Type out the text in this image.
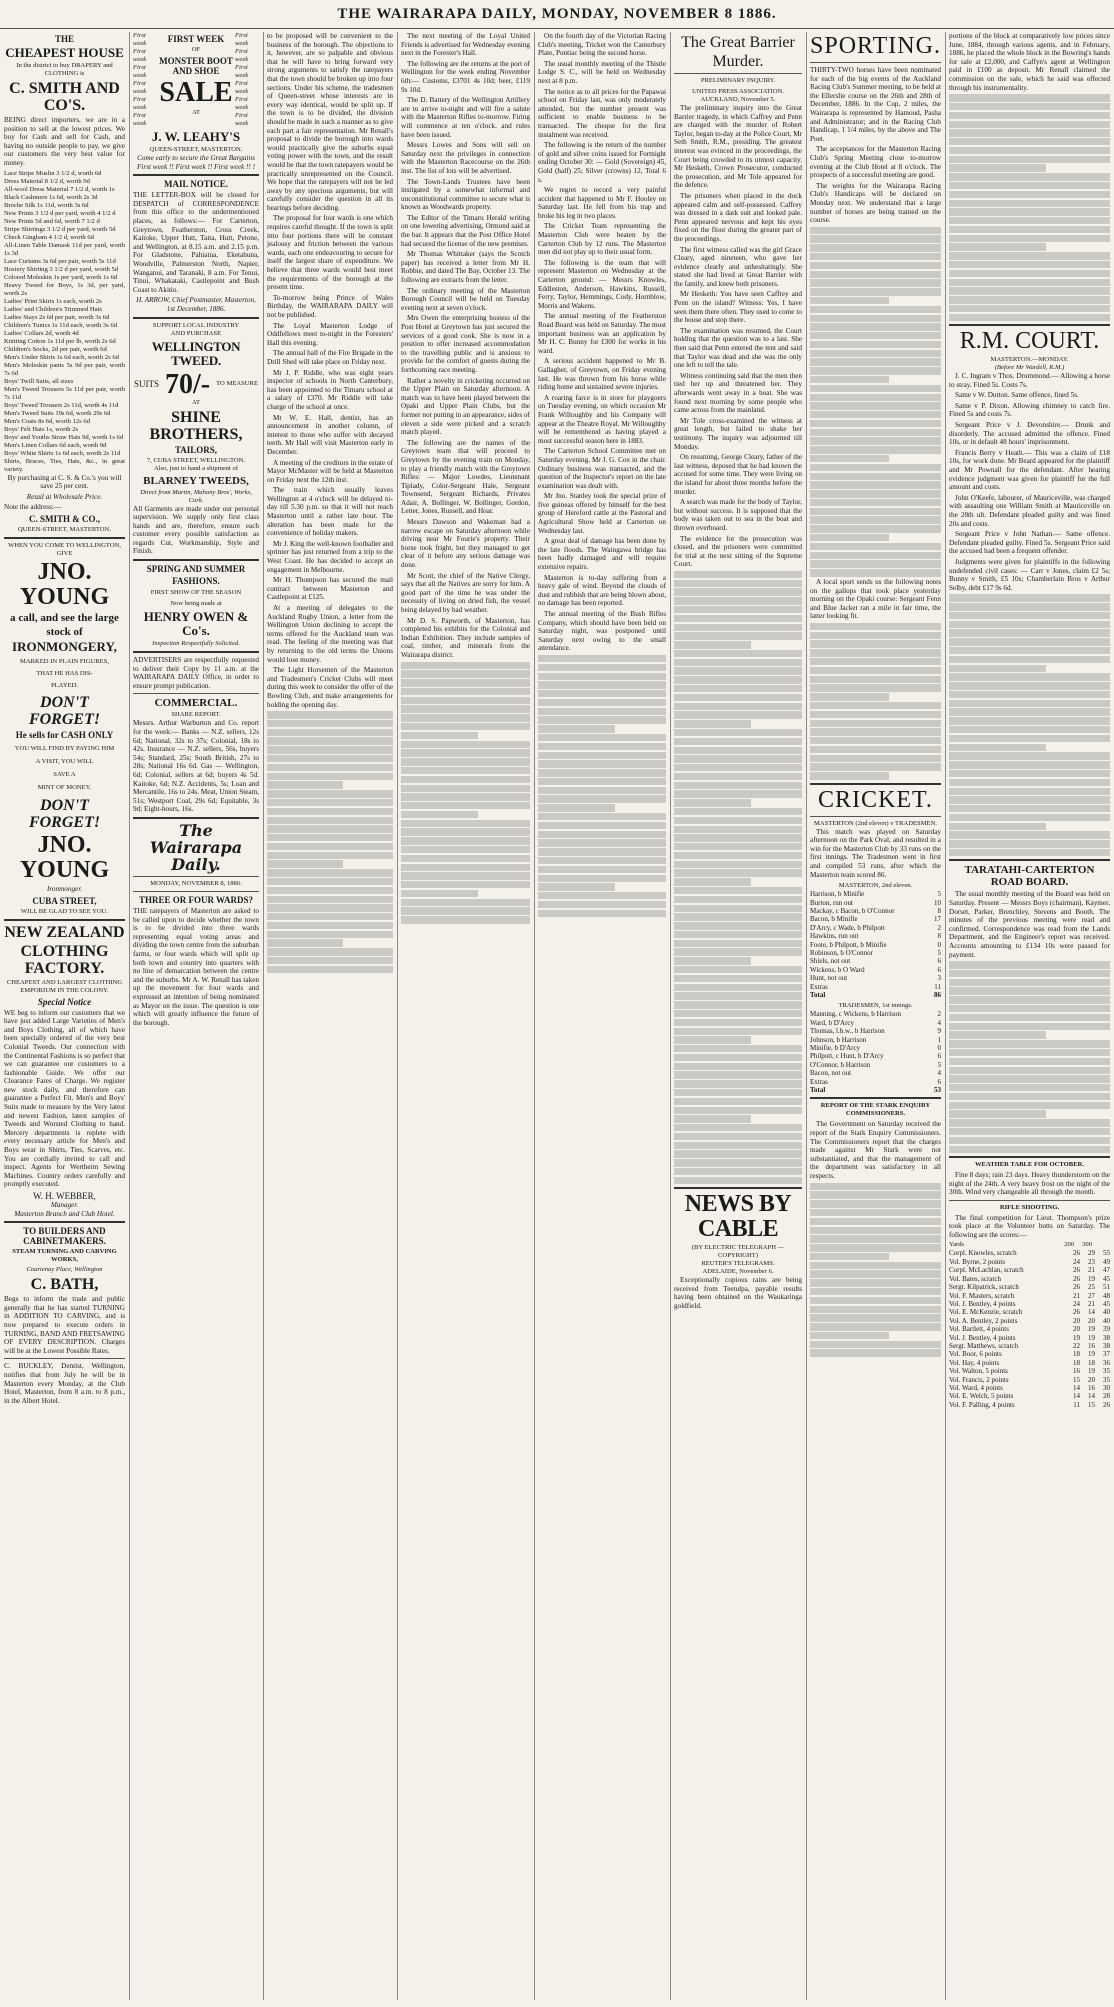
THE WAIRARAPA DAILY, MONDAY, NOVEMBER 8 1886.
THE
CHEAPEST HOUSE
In the district to buy DRAPERY and CLOTHING is
C. SMITH AND CO'S.

BEING direct importers, we are in a position to sell at the lowest prices. We buy for Cash and sell for Cash, and having no outside people to pay, we give our customers the very best value for money.

Lace Stripe Muslin 3 1/2 d, worth 6d
Dress Material 8 1/2 d, worth 9d
All-wool Dress Material 7 1/2 d, worth 1s
Black Cashmere 1s 6d, worth 2s 3d
Broche Silk 1s 11d, worth 3s 6d
New Prints 3 1/2 d per yard, worth 4 1/2 d
New Prints 5d and 6d, worth 7 1/2 d
Stripe Shirtings 3 1/2 d per yard, worth 5d
Check Gingham 4 1/2 d, worth 6d
All-Linen Table Damask 11d per yard, worth 1s 3d
Lace Curtains 3s 6d per pair, worth 5s 11d
Hosiery Shirting 3 1/2 d per yard, worth 5d
Colored Moleskin 1s per yard, worth 1s 6d
Heavy Tweed for Boys, 1s 3d, per yard, worth 2s
Ladies' Print Skirts 1s each, worth 2s
Ladies' and Children's Trimmed Hats
Ladies Stays 2s 6d per pair, worth 3s 6d
Children's Tunics 1s 11d each, worth 3s 6d
Ladies' Collars 2d, worth 4d
Knitting Cotton 1s 11d per lb, worth 2s 6d
Children's Socks, 2d per pair, worth 6d
Men's Under Shirts 1s 6d each, worth 2s 6d
Men's Moleskin pants 5s 9d per pair, worth 7s 6d
Boys' Twill Suits, all sizes
Men's Tweed Trousers 5s 11d per pair, worth 7s 11d
Boys' Tweed Trousers 2s 11d, worth 4s 11d
Men's Tweed Suits 19s 6d, worth 29s 6d
Men's Coats 8s 6d, worth 12s 6d
Boys' Felt Hats 1s, worth 2s
Boys' and Youths Straw Hats 9d, worth 1s 6d
Men's Linen Collars 6d each, worth 9d
Boys' White Shirts 1s 6d each, worth 2s 11d
Shirts, Braces, Ties, Hats, &c., in great variety.

By purchasing at C. S. & Co.'s you will save 25 per cent.

Retail at Wholesale Price.

Note the address:—

C. SMITH & CO.,
QUEEN-STREET, MASTERTON.
WHEN YOU COME TO WELLINGTON, GIVE
JNO. YOUNG
a call, and see the large
stock of
IRONMONGERY,
MARKED IN PLAIN FIGURES,
THAT HE HAS DIS-
PLAYED.
DON'T FORGET!
He sells for CASH ONLY
YOU WILL FIND BY PAYING HIM
A VISIT, YOU WILL
SAVE A
MINT OF MONEY.
DON'T FORGET!
JNO. YOUNG
Ironmonger.
CUBA STREET,
WILL BE GLAD TO SEE YOU.
NEW ZEALAND
CLOTHING FACTORY.
CHEAPEST AND LARGEST CLOTHING EMPORIUM IN THE COLONY.
Special Notice

WE beg to inform our customers that we have just added Large Varieties of Men's and Boys Clothing, all of which have been specially ordered of the very best Colonial Tweeds. Our connection with the Continental Fashions is so perfect that we can guarantee our customers to a fashionable Guide. We offer our Clearance Fares of Charge. We register new stock daily, and therefore can guarantee a Perfect Fit. Men's and Boys' Suits made to measure by the Very latest and newest Fashion, latest samples of Tweeds and Worsted Clothing to hand. Mercery departments is replete with every necessary article for Men's and Boys wear in Shirts, Ties, Scarves, etc. You are cordially invited to call and inspect. Agents for Wertheim Sewing Machines. Country orders carefully and promptly executed.

W. H. WEBBER,
Manager.
Masterton Branch and Club Hotel.
TO BUILDERS AND CABINETMAKERS.
STEAM TURNING AND CARVING WORKS,
Courtenay Place, Wellington
C. BATH,

Begs to inform the trade and public generally that he has started TURNING in ADDITION TO CARVING, and is now prepared to execute orders in TURNING, BAND AND FRETSAWING OF EVERY DESCRIPTION. Charges will be at the Lowest Possible Rates.

C. BUCKLEY, Dentist, Wellington, notifies that from July he will be in Masterton every Monday, at the Club Hotel, Masterton, from 8 a.m. to 8 p.m., in the Albert Hotel.

First week
First week
First week
First week
First week
First week
FIRST WEEK
OF
MONSTER BOOT AND SHOE
SALE
AT
First week
First week
First week
First week
First week
First week
J. W. LEAHY'S
QUEEN-STREET, MASTERTON.

Come early to secure the Great Bargains First week !! First week !! First week !! !

MAIL NOTICE.

THE LETTER-BOX will be closed for DESPATCH of CORRESPONDENCE from this office to the undermentioned places, as follows:— For Carterton, Greytown, Featherston, Cross Creek, Kaitoke, Upper Hutt, Taita, Hutt, Petone, and Wellington, at 8.15 a.m. and 2.15 p.m. For Gladstone, Pahiatua, Eketahuna, Woodville, Palmerston North, Napier, Wanganui, and Taranaki, 8 a.m. For Tenui, Tinui, Whakataki, Castlepoint and Bush Coast to Akitio.

H. ARROW, Chief Postmaster, Masterton, 1st December, 1886.

SUPPORT LOCAL INDUSTRY
AND PURCHASE
WELLINGTON TWEED.
SUITS 70/- TO MEASURE
AT
SHINE BROTHERS,
TAILORS,
7, CUBA STREET, WELLINGTON.
Also, just to hand a shipment of
BLARNEY TWEEDS,
Direct from Martin, Mahony Bros', Works, Cork.

All Garments are made under our personal supervision. We supply only first class hands and are, therefore, ensure each customer every possible satisfaction as regards Cut, Workmanship, Style and Finish.

SPRING AND SUMMER
FASHIONS.
FIRST SHOW OF THE SEASON
Now being made at
HENRY OWEN & Co's.
Inspection Respectfully Solicited.

ADVERTISERS are respectfully requested to deliver their Copy by 11 a.m. at the WAIRARAPA DAILY Office, in order to ensure prompt publication.

COMMERCIAL.
SHARE REPORT.

Messrs. Arthur Warburton and Co. report for the week:— Banks — N.Z. sellers, 12s 6d; National, 32s to 37s; Colonial, 18s to 42s. Insurance — N.Z. sellers, 56s, buyers 54s; Standard, 25s; South British, 27s to 28s; National 16s 6d. Gas — Wellington, 6d; Colonial, sellers at 6d; buyers 4s 5d. Kaitoke, 6d; N.Z. Accidents, 5s; Loan and Mercantile, 16s to 24s. Meat, Union Steam, 51s; Westport Coal, 29s 6d; Equitable, 3s 9d; Eight-hours, 16s.

The Wairarapa Daily.
MONDAY, NOVEMBER 8, 1886.
THREE OR FOUR WARDS?

THE ratepayers of Masterton are asked to be called upon to decide whether the town is to be divided into three wards representing equal voting areas and dividing the town centre from the suburban farms, or four wards which will split up both town and country into quarters with no line of demarcation between the centre and the suburbs. Mr A. W. Renall has taken up the movement for four wards and expressed an intention of being nominated as Mayor on the issue. The question is one which will greatly influence the future of the borough.

to be proposed will be convenient to the business of the borough. The objections to it, however, are so palpable and obvious that he will have to bring forward very strong arguments to satisfy the ratepayers that the town should be broken up into four sections. Under his scheme, the tradesmen of Queen-street whose interests are in every way identical, would be split up. If the town is to be divided, the division should be made in such a manner as to give each part a fair representation. Mr Renall's proposal to divide the borough into wards would practically give the suburbs equal voting power with the town, and the result would be that the town ratepayers would be practically unrepresented on the Council. We hope that the ratepayers will not be led away by any specious arguments, but will carefully consider the question in all its bearings before deciding.

The proposal for four wards is one which requires careful thought. If the town is split into four portions there will be constant jealousy and friction between the various wards, each one endeavouring to secure for itself the largest share of expenditure. We believe that three wards would best meet the requirements of the borough at the present time.

To-morrow being Prince of Wales Birthday, the WAIRARAPA DAILY will not be published.

The Loyal Masterton Lodge of Oddfellows meet to-night in the Foresters' Hall this evening.

The annual ball of the Fire Brigade in the Drill Shed will take place on Friday next.

Mr J. P. Riddle, who was eight years inspector of schools in North Canterbury, has been appointed to the Timaru school at a salary of £370. Mr Riddle will take charge of the school at once.

Mr W. E. Hall, dentist, has an announcement in another column, of interest to those who suffer with decayed teeth. Mr Hall will visit Masterton early in December.

A meeting of the creditors in the estate of Mayor McMaster will be held at Masterton on Friday next the 12th inst.

The train which usually leaves Wellington at 4 o'clock will be delayed to-day till 5.30 p.m. so that it will not reach Masterton until a rather late hour. The alteration has been made for the convenience of holiday makers.

Mr J. King the well-known footballer and sprinter has just returned from a trip to the West Coast. He has decided to accept an engagement in Melbourne.

Mr H. Thompson has secured the mail contract between Masterton and Castlepoint at £125.

At a meeting of delegates to the Auckland Rugby Union, a letter from the Wellington Union declining to accept the terms offered for the Auckland team was read. The feeling of the meeting was that by returning to the old terms the Unions would lose money.

The Light Horsemen of the Masterton and Tradesmen's Cricket Clubs will meet during this week to consider the offer of the Bowling Club, and make arrangements for holding the opening day.

The next meeting of the Loyal United Friends is advertised for Wednesday evening next in the Forester's Hall.

The following are the returns at the port of Wellington for the week ending November 6th:— Customs, £3701 4s 10d; beer, £119 9s 10d.

The D. Battery of the Wellington Artillery are to arrive to-night and will fire a salute with the Masterton Rifles to-morrow. Firing will commence at ten o'clock, and rules have been issued.

Messrs Lowes and Sons will sell on Saturday next the privileges in connection with the Masterton Racecourse on the 26th inst. The list of lots will be advertised.

The Town-Lands Trustees have been instigated by a somewhat informal and unconstitutional committee to secure what is known as Woodwards property.

The Editor of the Timaru Herald writing on one lowering advertising, Ormond said at the bar. It appears that the Post Office Hotel had secured the license of the new premises.

Mr Thomas Whittaker (says the Scotch paper) has received a letter from Mr H. Robbie, and dated The Bay, October 13. The following are extracts from the letter.

The ordinary meeting of the Masterton Borough Council will be held on Tuesday evening next at seven o'clock.

Mrs Owen the enterprising hostess of the Post Hotel at Greytown has just secured the services of a good cook. She is now in a position to offer increased accommodation to the travelling public and is anxious to provide for the comfort of guests during the forthcoming race meeting.

Rather a novelty in cricketing occurred on the Upper Plain on Saturday afternoon. A match was to have been played between the Opaki and Upper Plain Clubs, but the former not putting in an appearance, sides of eleven a side were picked and a scratch match played.

The following are the names of the Greytown team that will proceed to Greytown by the evening train on Monday, to play a friendly match with the Greytown Rifles: — Major Lowdes, Lieutenant Tiplady, Color-Sergeant Hale, Sergeant Townsend, Sergeant Richards, Privates Adair, A. Bollinger, W. Bollinger, Gordon, Letter, Jones, Russell, and Hoar.

Messrs Dawson and Wakeman had a narrow escape on Saturday afternoon while driving near Mr Fourie's property. Their horse took fright, but they managed to get clear of it before any serious damage was done.

Mr Scott, the chief of the Native Clergy, says that all the Natives are sorry for him. A good part of the time he was under the necessity of living on dried fish, the vessel being delayed by bad weather.

Mr D. S. Papworth, of Masterton, has completed his exhibits for the Colonial and Indian Exhibition. They include samples of coal, timber, and minerals from the Wairarapa district.

On the fourth day of the Victorian Racing Club's meeting, Tricket won the Canterbury Plate, Pontiac being the second horse.

The usual monthly meeting of the Thistle Lodge S. C., will be held on Wednesday next at 8 p.m.

The notice as to all prices for the Papawai school on Friday last, was only moderately attended, but the number present was sufficient to enable business to be transacted. The cheque for the first instalment was received.

The following is the return of the number of gold and silver coins issued for Fortnight ending October 30: — Gold (Sovereign) 45, Gold (half) 25; Silver (crowns) 12, Total 6 s.

We regret to record a very painful accident that happened to Mr F. Hooley on Saturday last. He fell from his trap and broke his leg in two places.

The Cricket Team representing the Masterton Club were beaten by the Carterton Club by 12 runs. The Masterton men did not play up to their usual form.

The following is the team that will represent Masterton on Wednesday at the Carterton ground: — Messrs Knowles, Eddleston, Anderson, Hawkins, Russell, Ferry, Taylor, Hemmings, Cody, Hornblow, Morris and Wakens.

The annual meeting of the Featherston Road Board was held on Saturday. The most important business was an application by Mr H. C. Bunny for £300 for works in his ward.

A serious accident happened to Mr B. Gallagher, of Greytown, on Friday evening last. He was thrown from his horse while riding home and sustained severe injuries.

A roaring farce is in store for playgoers on Tuesday evening, on which occasion Mr Frank Willoughby and his Company will appear at the Theatre Royal. Mr Willoughby will be remembered as having played a most successful season here in 1883.

The Carterton School Committee met on Saturday evening, Mr J. G. Cox in the chair. Ordinary business was transacted, and the question of the Inspector's report on the late examination was dealt with.

Mr Jno. Stanley took the special prize of five guineas offered by himself for the best group of Hereford cattle at the Pastoral and Agricultural Show held at Carterton on Wednesday last.

A great deal of damage has been done by the late floods. The Waingawa bridge has been badly damaged and will require extensive repairs.

Masterton is to-day suffering from a heavy gale of wind. Beyond the clouds of dust and rubbish that are being blown about, no damage has been reported.

The annual meeting of the Bush Rifles Company, which should have been held on Saturday night, was postponed until Saturday next owing to the small attendance.

The Great Barrier
Murder.
PRELIMINARY INQUIRY.
UNITED PRESS ASSOCIATION.
AUCKLAND, November 5.

The preliminary inquiry into the Great Barrier tragedy, in which Caffrey and Penn are charged with the murder of Robert Taylor, began to-day at the Police Court, Mr Seth Smith, R.M., presiding. The greatest interest was evinced in the proceedings, the Court being crowded to its utmost capacity. Mr Hesketh, Crown Prosecutor, conducted the prosecution, and Mr Tole appeared for the defence.

The prisoners when placed in the dock appeared calm and self-possessed. Caffrey was dressed in a dark suit and looked pale. Penn appeared nervous and kept his eyes fixed on the floor during the greater part of the proceedings.

The first witness called was the girl Grace Cleary, aged nineteen, who gave her evidence clearly and unhesitatingly. She stated she had lived at Great Barrier with the family, and knew both prisoners.

Mr Hesketh: You have seen Caffrey and Penn on the island? Witness: Yes, I have seen them there often. They used to come to the house and stop there.

The examination was resumed, the Court holding that the question was to a last. She then said that Penn entered the tent and said that Taylor was dead and she was the only one left to tell the tale.

Witness continuing said that the men then tied her up and threatened her. They afterwards went away in a boat. She was found next morning by some people who came across from the mainland.

Mr Tole cross-examined the witness at great length, but failed to shake her testimony. The inquiry was adjourned till Monday.

On resuming, George Cleary, father of the last witness, deposed that he had known the accused for some time. They were living on the island for about three months before the murder.

A search was made for the body of Taylor, but without success. It is supposed that the body was taken out to sea in the boat and thrown overboard.

The evidence for the prosecution was closed, and the prisoners were committed for trial at the next sitting of the Supreme Court.

NEWS BY CABLE
(BY ELECTRIC TELEGRAPH — COPYRIGHT)
REUTER'S TELEGRAMS.
ADELAIDE, November 6.

Exceptionally copious rains are being received from Teetulpa, payable results having been obtained on the Waukaringa goldfield.

SPORTING.

THIRTY-TWO horses have been nominated for each of the big events of the Auckland Racing Club's Summer meeting, to be held at the Ellerslie course on the 26th and 28th of December, 1886. In the Cup, 2 miles, the Wairarapa is represented by Hamoud, Pasha and Administrator; and in the Racing Club Handicap, 1 1/4 miles, by the above and The Poet.

The acceptances for the Masterton Racing Club's Spring Meeting close to-morrow evening at the Club Hotel at 8 o'clock. The prospects of a successful meeting are good.

The weights for the Wairarapa Racing Club's Handicaps will be declared on Monday next. We understand that a large number of horses are being trained on the course.

A local sport sends us the following notes on the gallops that took place yesterday morning on the Opaki course: Sergeant Fenn and Blue Jacket ran a mile in fair time, the latter looking fit.

CRICKET.
MASTERTON (2nd eleven) v TRADESMEN.

This match was played on Saturday afternoon on the Park Oval, and resulted in a win for the Masterton Club by 33 runs on the first innings. The Tradesmen went in first and compiled 53 runs, after which the Masterton team scored 86.

MASTERTON, 2nd eleven.
Harrison, b Minifie	5
Burton, run out	10
Mackay, c Bacon, b O'Connor	8
Bacon, b Minifie	17
D'Arcy, c Wade, b Philpott	2
Hawkins, run out	8
Foote, b Philpott, b Minifie	0
Robinson, b O'Connor	5
Shiels, not out	6
Wickens, b O Ward	6
Hunt, not out	3
Extras	11
Total	86
TRADESMEN, 1st innings.
Manning, c Wickens, b Harrison	2
Ward, b D'Arcy	4
Thomas, l.b.w., b Harrison	9
Johnson, b Harrison	1
Minifie, b D'Arcy	0
Philpott, c Hunt, b D'Arcy	6
O'Connor, b Harrison	5
Bacon, not out	4
Extras	6
Total	53
REPORT OF THE STARK ENQUIRY COMMISSIONERS.

The Government on Saturday received the report of the Stark Enquiry Commissioners. The Commissioners report that the charges made against Mr Stark were not substantiated, and that the management of the department was satisfactory in all respects.

portions of the block at comparatively low prices since June, 1884, through various agents, and in February, 1886, he placed the whole block in the Bowring's hands for sale at £2,000, and Caffyn's agent at Wellington paid in £100 as deposit. Mr Renall claimed the commission on the sale, which he said was effected through his instrumentality.

R.M. COURT.
MASTERTON.—MONDAY.
(Before Mr Wardell, R.M.)

J. C. Ingram v Thos. Drummond.— Allowing a horse to stray. Fined 5s. Costs 7s.

Same v W. Dutton. Same offence, fined 5s.

Same v P. Dixon. Allowing chimney to catch fire. Fined 5s and costs 7s.

Sergeant Price v J. Devonshire.— Drunk and disorderly. The accused admitted the offence. Fined 10s, or in default 48 hours' imprisonment.

Francis Berry v Heath.— This was a claim of £18 10s, for work done. Mr Beard appeared for the plaintiff and Mr Pownall for the defendant. After hearing evidence judgment was given for plaintiff for the full amount and costs.

John O'Keefe, labourer, of Mauriceville, was charged with assaulting one William Smith at Mauriceville on the 28th ult. Defendant pleaded guilty and was fined 20s and costs.

Sergeant Price v John Nathan.— Same offence. Defendant pleaded guilty. Fined 5s. Sergeant Price said the accused had been a frequent offender.

Judgments were given for plaintiffs in the following undefended civil cases: — Carr v Jones, claim £2 5s; Bunny v Smith, £5 10s; Chamberlain Bros v Arthur Selby, debt £17 9s 6d.

TARATAHI-CARTERTON ROAD BOARD.

The usual monthly meeting of the Board was held on Saturday. Present — Messrs Boys (chairman), Kaymer, Dorset, Parker, Brenchley, Stevens and Booth. The minutes of the previous meeting were read and confirmed. Correspondence was read from the Lands Department, and the Engineer's report was received. Accounts amounting to £134 10s were passed for payment.

WEATHER TABLE FOR OCTOBER.

Fine 8 days; rain 23 days. Heavy thunderstorm on the night of the 24th. A very heavy frost on the night of the 30th. Wind very changeable all through the month.

RIFLE SHOOTING.

The final competition for Lieut. Thompson's prize took place at the Volunteer butts on Saturday. The following are the scores:—

Yards	200 300
Corpl. Knowles, scratch	26 29 55
Vol. Byrne, 2 points	24 23 49
Corpl. McLachlan, scratch	26 21 47
Vol. Bates, scratch	26 19 45
Sergt. Kilpatrick, scratch	26 25 51
Vol. F. Masters, scratch	21 27 48
Vol. J. Bentley, 4 points	24 21 45
Vol. E. McKenzie, scratch	26 14 40
Vol. A. Bentley, 2 points	20 20 40
Vol. Bartlett, 4 points	20 19 39
Vol. J. Bentley, 4 points	19 19 38
Sergt. Matthews, scratch	22 16 38
Vol. Boor, 6 points	18 19 37
Vol. Hay, 4 points	18 18 36
Vol. Walton, 5 points	16 19 35
Vol. Francis, 2 points	15 20 35
Vol. Ward, 4 points	14 16 30
Vol. E. Welch, 5 points	14 14 28
Vol. F. Palling, 4 points	11 15 26
